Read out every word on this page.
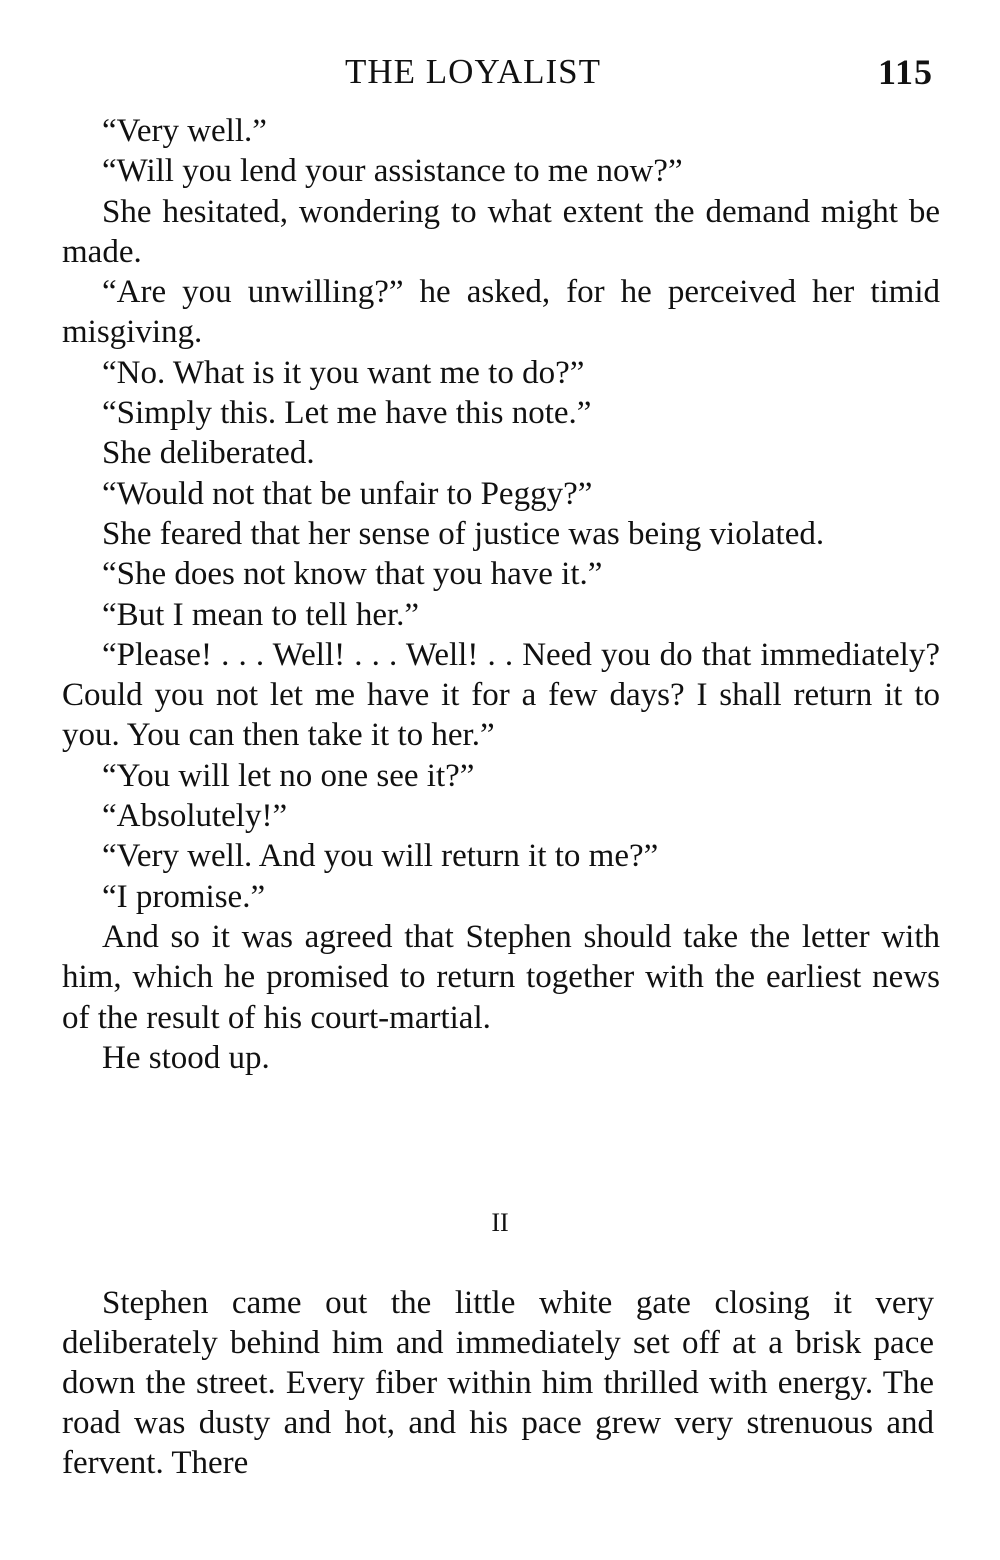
THE LOYALIST	115

“Very well.”

“Will you lend your assistance to me now?”

She hesitated, wondering to what extent the demand might be made.

“Are you unwilling?” he asked, for he perceived her timid misgiving.

“No. What is it you want me to do?”

“Simply this. Let me have this note.”

She deliberated.

“Would not that be unfair to Peggy?”

She feared that her sense of justice was being violated.

“She does not know that you have it.”

“But I mean to tell her.”

“Please! . . . Well! . . . Well! . . Need you do that immediately? Could you not let me have it for a few days? I shall return it to you. You can then take it to her.”

“You will let no one see it?”

“Absolutely!”

“Very well. And you will return it to me?”

“I promise.”

And so it was agreed that Stephen should take the letter with him, which he promised to return together with the earliest news of the result of his court-martial.

He stood up.

II

Stephen came out the little white gate closing it very deliberately behind him and immediately set off at a brisk pace down the street. Every fiber within him thrilled with energy. The road was dusty and hot, and his pace grew very strenuous and fervent. There
